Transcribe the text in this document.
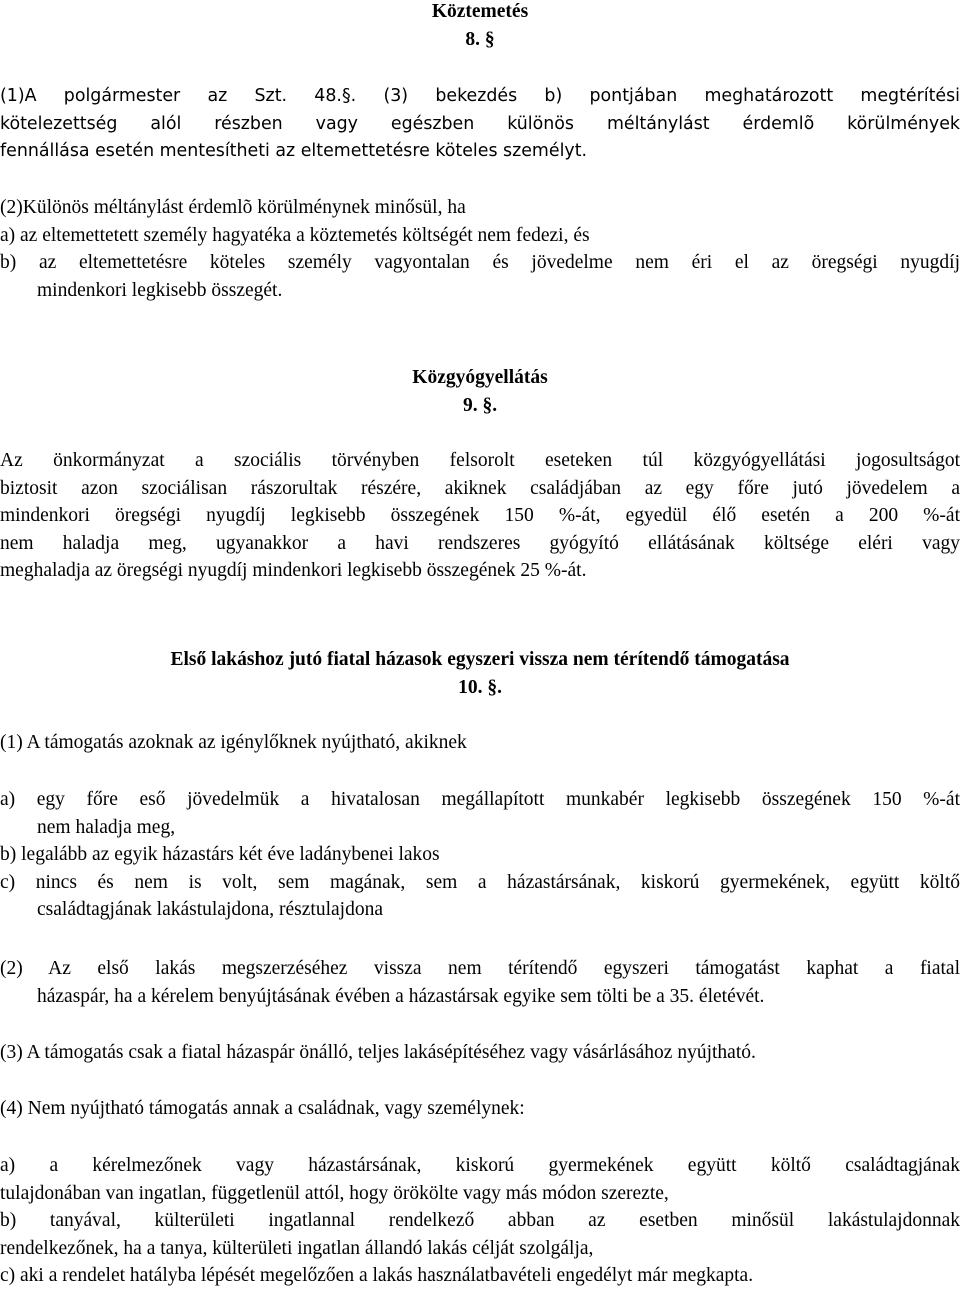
Köztemetés
8. §
(1)A polgármester az Szt. 48.§. (3) bekezdés b) pontjában meghatározott megtérítési
kötelezettség alól részben vagy egészben különös méltánylást érdemlõ körülmények
fennállása esetén mentesítheti az eltemettetésre köteles személyt.
(2)Különös méltánylást érdemlõ körülménynek minősül, ha
a) az eltemettetett személy hagyatéka a köztemetés költségét nem fedezi, és
b) az eltemettetésre köteles személy vagyontalan és jövedelme nem éri el az öregségi nyugdíj
mindenkori legkisebb összegét.
Közgyógyellátás
9. §.
Az önkormányzat a szociális törvényben felsorolt eseteken túl közgyógyellátási jogosultságot
biztosit azon szociálisan rászorultak részére, akiknek családjában az egy főre jutó jövedelem a
mindenkori öregségi nyugdíj legkisebb összegének 150 %-át, egyedül élő esetén a 200 %-át
nem haladja meg, ugyanakkor a havi rendszeres gyógyító ellátásának költsége eléri vagy
meghaladja az öregségi nyugdíj mindenkori legkisebb összegének 25 %-át.
Első lakáshoz jutó fiatal házasok egyszeri vissza nem térítendő támogatása
10. §.
(1) A támogatás azoknak az igénylőknek nyújtható, akiknek
a) egy főre eső jövedelmük a hivatalosan megállapított munkabér legkisebb összegének 150 %-át
nem haladja meg,
b) legalább az egyik házastárs két éve ladánybenei lakos
c) nincs és nem is volt, sem magának, sem a házastársának, kiskorú gyermekének, együtt költő
családtagjának lakástulajdona, résztulajdona
(2) Az első lakás megszerzéséhez vissza nem térítendő egyszeri támogatást kaphat a fiatal
házaspár, ha a kérelem benyújtásának évében a házastársak egyike sem tölti be a 35. életévét.
(3) A támogatás csak a fiatal házaspár önálló, teljes lakásépítéséhez vagy vásárlásához nyújtható.
(4) Nem nyújtható támogatás annak a családnak, vagy személynek:
a) a kérelmezőnek vagy házastársának, kiskorú gyermekének együtt költő családtagjának
tulajdonában van ingatlan, függetlenül attól, hogy örökölte vagy más módon szerezte,
b) tanyával, külterületi ingatlannal rendelkező abban az esetben minősül lakástulajdonnak
rendelkezőnek, ha a tanya, külterületi ingatlan állandó lakás célját szolgálja,
c) aki a rendelet hatályba lépését megelőzően a lakás használatbavételi engedélyt már megkapta.
